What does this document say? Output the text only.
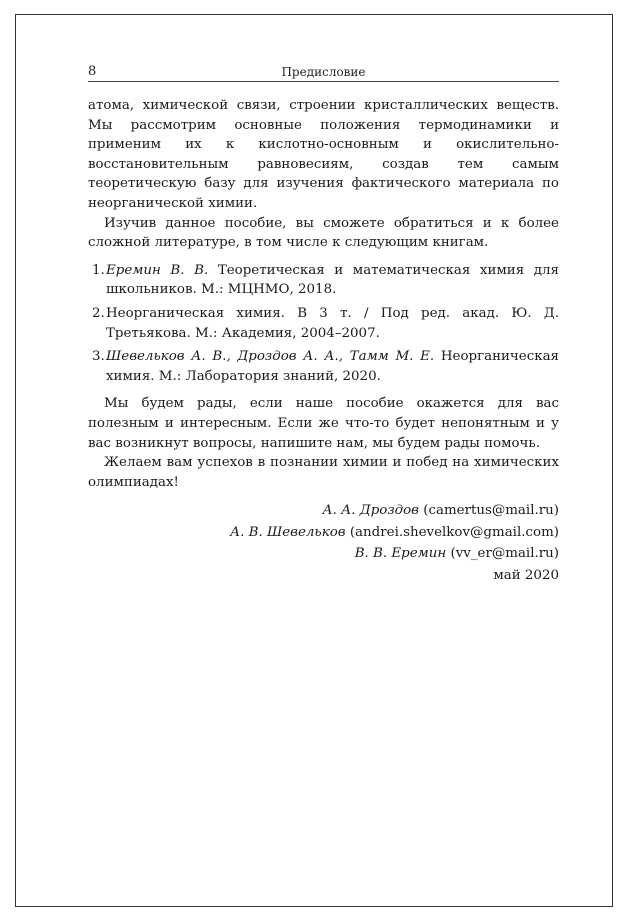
8	Предисловие

атома, химической связи, строении кристаллических веществ. Мы рассмотрим основные положения термодинамики и применим их к кислотно-основным и окислительно-восстановительным равновесиям, создав тем самым теоретическую базу для изучения фактического материала по неорганической химии.

Изучив данное пособие, вы сможете обратиться и к более сложной литературе, в том числе к следующим книгам.

1. Еремин В. В. Теоретическая и математическая химия для школьников. М.: МЦНМО, 2018.
2. Неорганическая химия. В 3 т. / Под ред. акад. Ю. Д. Третьякова. М.: Академия, 2004–2007.
3. Шевельков А. В., Дроздов А. А., Тамм М. Е. Неорганическая химия. М.: Лаборатория знаний, 2020.

Мы будем рады, если наше пособие окажется для вас полезным и интересным. Если же что-то будет непонятным и у вас возникнут вопросы, напишите нам, мы будем рады помочь.

Желаем вам успехов в познании химии и побед на химических олимпиадах!

А. А. Дроздов (camertus@mail.ru)
А. В. Шевельков (andrei.shevelkov@gmail.com)
В. В. Еремин (vv_er@mail.ru)
май 2020
